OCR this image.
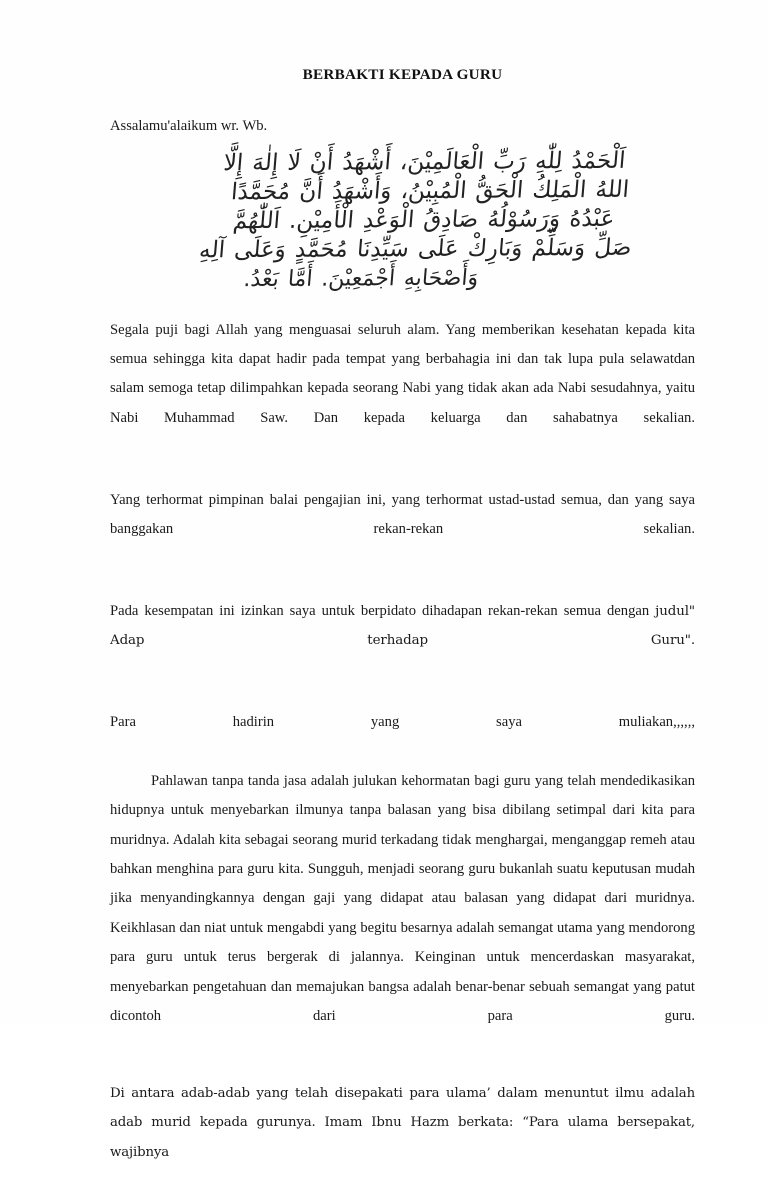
BERBAKTI KEPADA GURU

Assalamu'alaikum wr. Wb.

اَلْحَمْدُ لِلّٰهِ رَبِّ الْعَالَمِيْنَ، أَشْهَدُ أَنْ لَا إِلٰهَ إِلَّا
اللهُ الْمَلِكُ الْحَقُّ الْمُبِيْنُ، وَأَشْهَدُ أَنَّ مُحَمَّدًا
عَبْدُهُ وَرَسُوْلُهُ صَادِقُ الْوَعْدِ الْأَمِيْنِ. اَللّٰهُمَّ
صَلِّ وَسَلِّمْ وَبَارِكْ عَلَى سَيِّدِنَا مُحَمَّدٍ وَعَلَى آلِهِ
وَأَصْحَابِهِ أَجْمَعِيْنَ. أَمَّا بَعْدُ.

Segala puji bagi Allah yang menguasai seluruh alam. Yang memberikan kesehatan kepada kita semua sehingga kita dapat hadir pada tempat yang berbahagia ini dan tak lupa pula selawatdan salam semoga tetap dilimpahkan kepada seorang Nabi yang tidak akan ada Nabi sesudahnya, yaitu Nabi Muhammad Saw. Dan kepada keluarga dan sahabatnya sekalian.

Yang terhormat pimpinan balai pengajian ini, yang terhormat ustad-ustad semua, dan yang saya banggakan rekan-rekan sekalian.

Pada kesempatan ini izinkan saya untuk berpidato dihadapan rekan-rekan semua dengan judul" Adap terhadap Guru".

Para hadirin yang saya muliakan,,,,,,

Pahlawan tanpa tanda jasa adalah julukan kehormatan bagi guru yang telah mendedikasikan hidupnya untuk menyebarkan ilmunya tanpa balasan yang bisa dibilang setimpal dari kita para muridnya. Adalah kita sebagai seorang murid terkadang tidak menghargai, menganggap remeh atau bahkan menghina para guru kita. Sungguh, menjadi seorang guru bukanlah suatu keputusan mudah jika menyandingkannya dengan gaji yang didapat atau balasan yang didapat dari muridnya. Keikhlasan dan niat untuk mengabdi yang begitu besarnya adalah semangat utama yang mendorong para guru untuk terus bergerak di jalannya. Keinginan untuk mencerdaskan masyarakat, menyebarkan pengetahuan dan memajukan bangsa adalah benar-benar sebuah semangat yang patut dicontoh dari para guru.

Di antara adab-adab yang telah disepakati para ulama’ dalam menuntut ilmu adalah adab murid kepada gurunya. Imam Ibnu Hazm berkata: “Para ulama bersepakat, wajibnya
